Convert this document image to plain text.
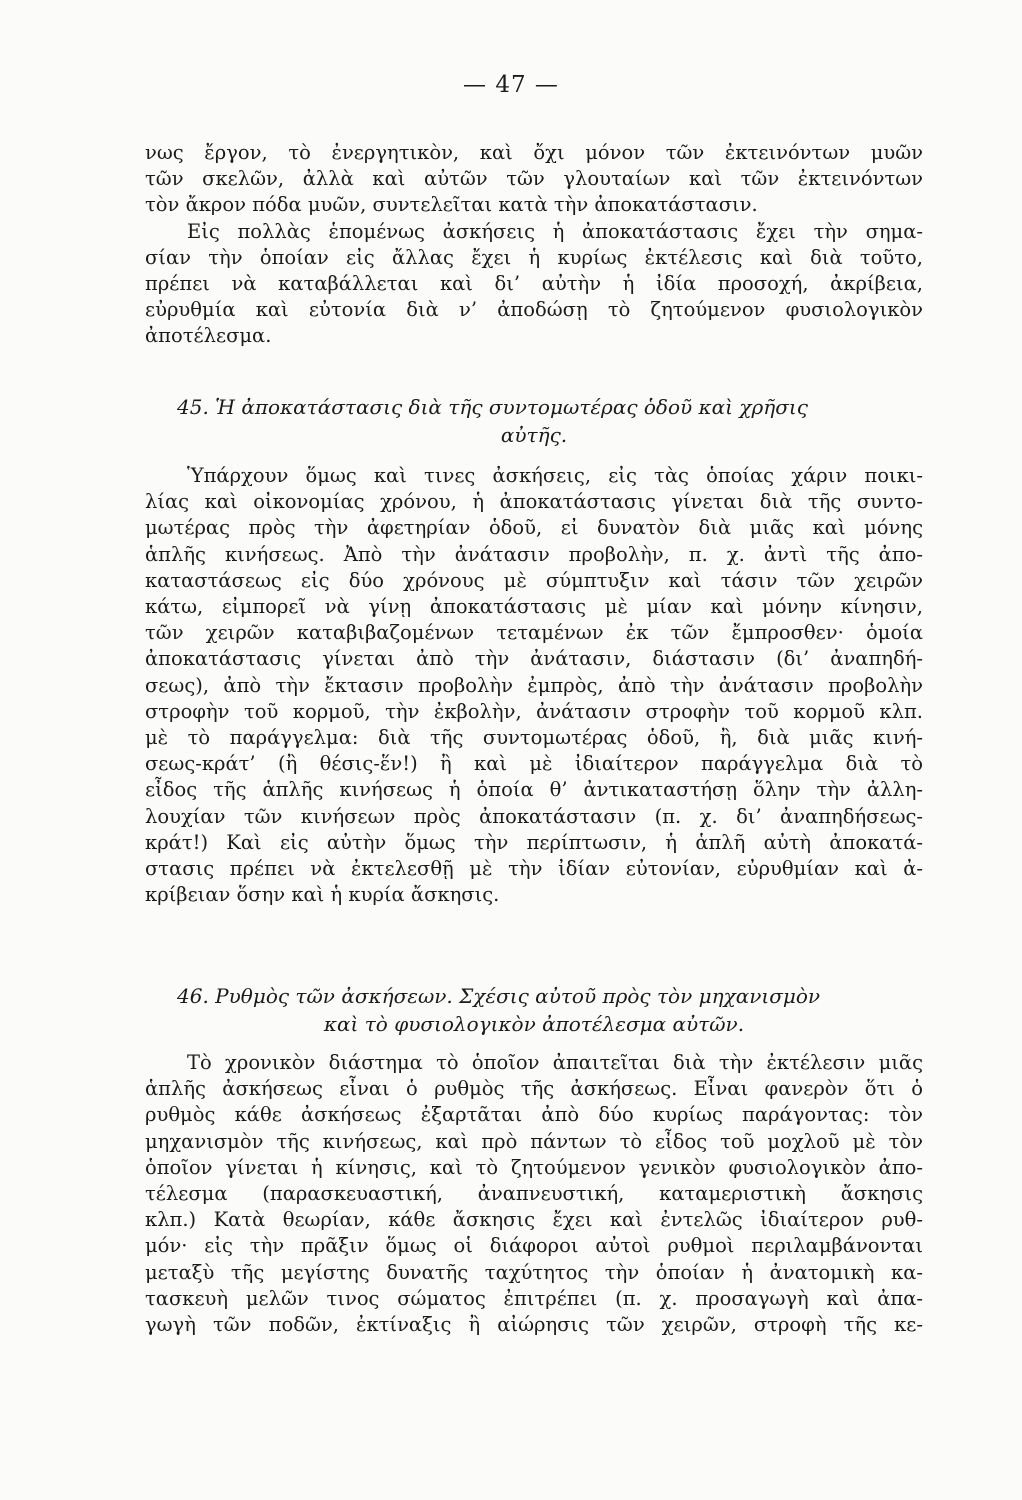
— 47 —
νως ἔργον, τὸ ἐνεργητικὸν, καὶ ὄχι μόνον τῶν ἐκτεινόντων μυῶν
τῶν σκελῶν, ἀλλὰ καὶ αὐτῶν τῶν γλουταίων καὶ τῶν ἐκτεινόντων
τὸν ἄκρον πόδα μυῶν, συντελεῖται κατὰ τὴν ἀποκατάστασιν.
Εἰς πολλὰς ἑπομένως ἀσκήσεις ἡ ἀποκατάστασις ἔχει τὴν σημα-
σίαν τὴν ὁποίαν εἰς ἄλλας ἔχει ἡ κυρίως ἐκτέλεσις καὶ διὰ τοῦτο,
πρέπει νὰ καταβάλλεται καὶ δι’ αὐτὴν ἡ ἰδία προσοχή, ἀκρίβεια,
εὐρυθμία καὶ εὐτονία διὰ ν’ ἀποδώσῃ τὸ ζητούμενον φυσιολογικὸν
ἀποτέλεσμα.
45. Ἡ ἀποκατάστασις διὰ τῆς συντομωτέρας ὁδοῦ καὶ χρῆσις
αὐτῆς.
Ὑπάρχουν ὅμως καὶ τινες ἀσκήσεις, εἰς τὰς ὁποίας χάριν ποικι-
λίας καὶ οἰκονομίας χρόνου, ἡ ἀποκατάστασις γίνεται διὰ τῆς συντο-
μωτέρας πρὸς τὴν ἀφετηρίαν ὁδοῦ, εἰ δυνατὸν διὰ μιᾶς καὶ μόνης
ἁπλῆς κινήσεως. Ἀπὸ τὴν ἀνάτασιν προβολὴν, π. χ. ἀντὶ τῆς ἀπο-
καταστάσεως εἰς δύο χρόνους μὲ σύμπτυξιν καὶ τάσιν τῶν χειρῶν
κάτω, εἰμπορεῖ νὰ γίνῃ ἀποκατάστασις μὲ μίαν καὶ μόνην κίνησιν,
τῶν χειρῶν καταβιβαζομένων τεταμένων ἐκ τῶν ἔμπροσθεν· ὁμοία
ἀποκατάστασις γίνεται ἀπὸ τὴν ἀνάτασιν, διάστασιν (δι’ ἀναπηδή-
σεως), ἀπὸ τὴν ἔκτασιν προβολὴν ἐμπρὸς, ἀπὸ τὴν ἀνάτασιν προβολὴν
στροφὴν τοῦ κορμοῦ, τὴν ἐκβολὴν, ἀνάτασιν στροφὴν τοῦ κορμοῦ κλπ.
μὲ τὸ παράγγελμα: διὰ τῆς συντομωτέρας ὁδοῦ, ἢ, διὰ μιᾶς κινή-
σεως-κράτ’ (ἢ θέσις-ἕν!) ἢ καὶ μὲ ἰδιαίτερον παράγγελμα διὰ τὸ
εἶδος τῆς ἁπλῆς κινήσεως ἡ ὁποία θ’ ἀντικαταστήσῃ ὅλην τὴν ἀλλη-
λουχίαν τῶν κινήσεων πρὸς ἀποκατάστασιν (π. χ. δι’ ἀναπηδήσεως-
κράτ!) Καὶ εἰς αὐτὴν ὅμως τὴν περίπτωσιν, ἡ ἁπλῆ αὐτὴ ἀποκατά-
στασις πρέπει νὰ ἐκτελεσθῇ μὲ τὴν ἰδίαν εὐτονίαν, εὐρυθμίαν καὶ ἀ-
κρίβειαν ὅσην καὶ ἡ κυρία ἄσκησις.
46. Ρυθμὸς τῶν ἀσκήσεων. Σχέσις αὐτοῦ πρὸς τὸν μηχανισμὸν
καὶ τὸ φυσιολογικὸν ἀποτέλεσμα αὐτῶν.
Τὸ χρονικὸν διάστημα τὸ ὁποῖον ἀπαιτεῖται διὰ τὴν ἐκτέλεσιν μιᾶς
ἁπλῆς ἀσκήσεως εἶναι ὁ ρυθμὸς τῆς ἀσκήσεως. Εἶναι φανερὸν ὅτι ὁ
ρυθμὸς κάθε ἀσκήσεως ἐξαρτᾶται ἀπὸ δύο κυρίως παράγοντας: τὸν
μηχανισμὸν τῆς κινήσεως, καὶ πρὸ πάντων τὸ εἶδος τοῦ μοχλοῦ μὲ τὸν
ὁποῖον γίνεται ἡ κίνησις, καὶ τὸ ζητούμενον γενικὸν φυσιολογικὸν ἀπο-
τέλεσμα (παρασκευαστική, ἀναπνευστική, καταμεριστικὴ ἄσκησις
κλπ.) Κατὰ θεωρίαν, κάθε ἄσκησις ἔχει καὶ ἐντελῶς ἰδιαίτερον ρυθ-
μόν· εἰς τὴν πρᾶξιν ὅμως οἱ διάφοροι αὐτοὶ ρυθμοὶ περιλαμβάνονται
μεταξὺ τῆς μεγίστης δυνατῆς ταχύτητος τὴν ὁποίαν ἡ ἀνατομικὴ κα-
τασκευὴ μελῶν τινος σώματος ἐπιτρέπει (π. χ. προσαγωγὴ καὶ ἀπα-
γωγὴ τῶν ποδῶν, ἐκτίναξις ἢ αἰώρησις τῶν χειρῶν, στροφὴ τῆς κε-
